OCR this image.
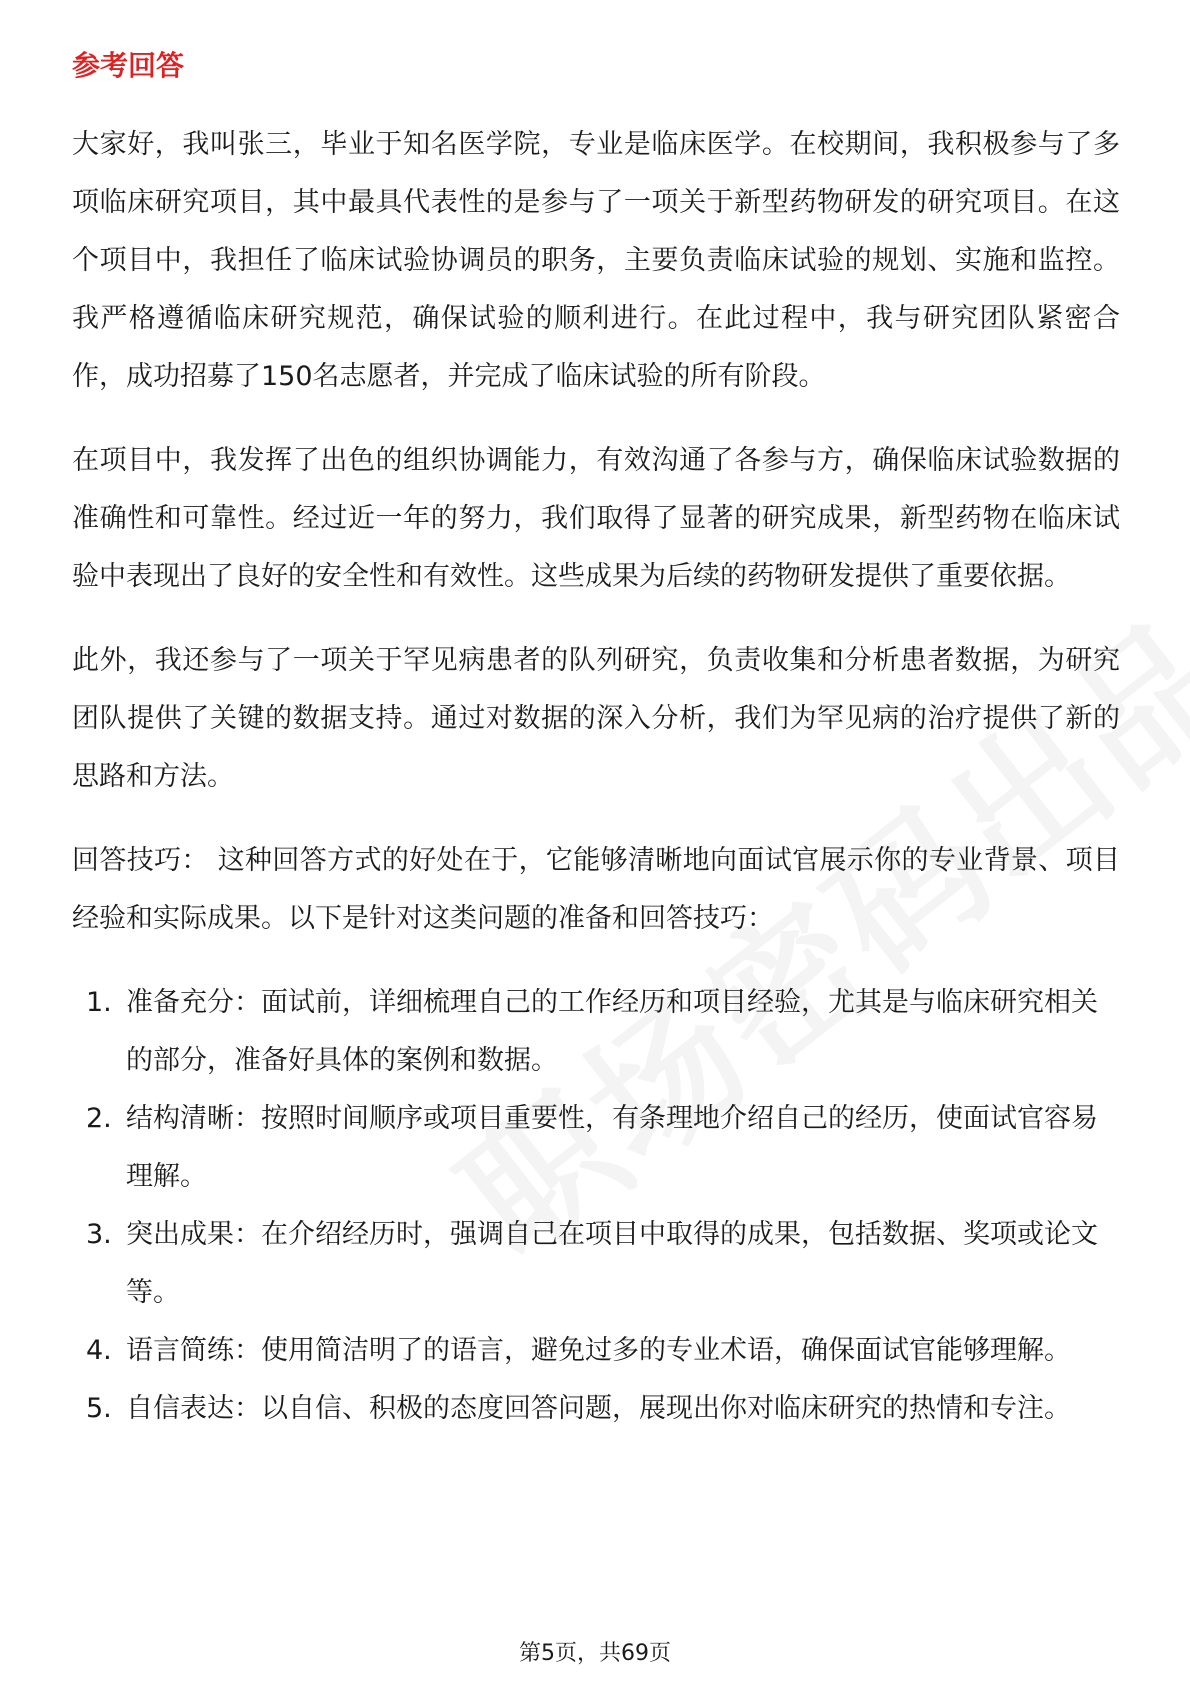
参考回答

大家好，我叫张三，毕业于知名医学院，专业是临床医学。在校期间，我积极参与了多项临床研究项目，其中最具代表性的是参与了一项关于新型药物研发的研究项目。在这个项目中，我担任了临床试验协调员的职务，主要负责临床试验的规划、实施和监控。我严格遵循临床研究规范，确保试验的顺利进行。在此过程中，我与研究团队紧密合作，成功招募了150名志愿者，并完成了临床试验的所有阶段。

在项目中，我发挥了出色的组织协调能力，有效沟通了各参与方，确保临床试验数据的准确性和可靠性。经过近一年的努力，我们取得了显著的研究成果，新型药物在临床试验中表现出了良好的安全性和有效性。这些成果为后续的药物研发提供了重要依据。

此外，我还参与了一项关于罕见病患者的队列研究，负责收集和分析患者数据，为研究团队提供了关键的数据支持。通过对数据的深入分析，我们为罕见病的治疗提供了新的思路和方法。

回答技巧： 这种回答方式的好处在于，它能够清晰地向面试官展示你的专业背景、项目经验和实际成果。以下是针对这类问题的准备和回答技巧：

1. 准备充分：面试前，详细梳理自己的工作经历和项目经验，尤其是与临床研究相关的部分，准备好具体的案例和数据。
2. 结构清晰：按照时间顺序或项目重要性，有条理地介绍自己的经历，使面试官容易理解。
3. 突出成果：在介绍经历时，强调自己在项目中取得的成果，包括数据、奖项或论文等。
4. 语言简练：使用简洁明了的语言，避免过多的专业术语，确保面试官能够理解。
5. 自信表达：以自信、积极的态度回答问题，展现出你对临床研究的热情和专注。
第5页，共69页
